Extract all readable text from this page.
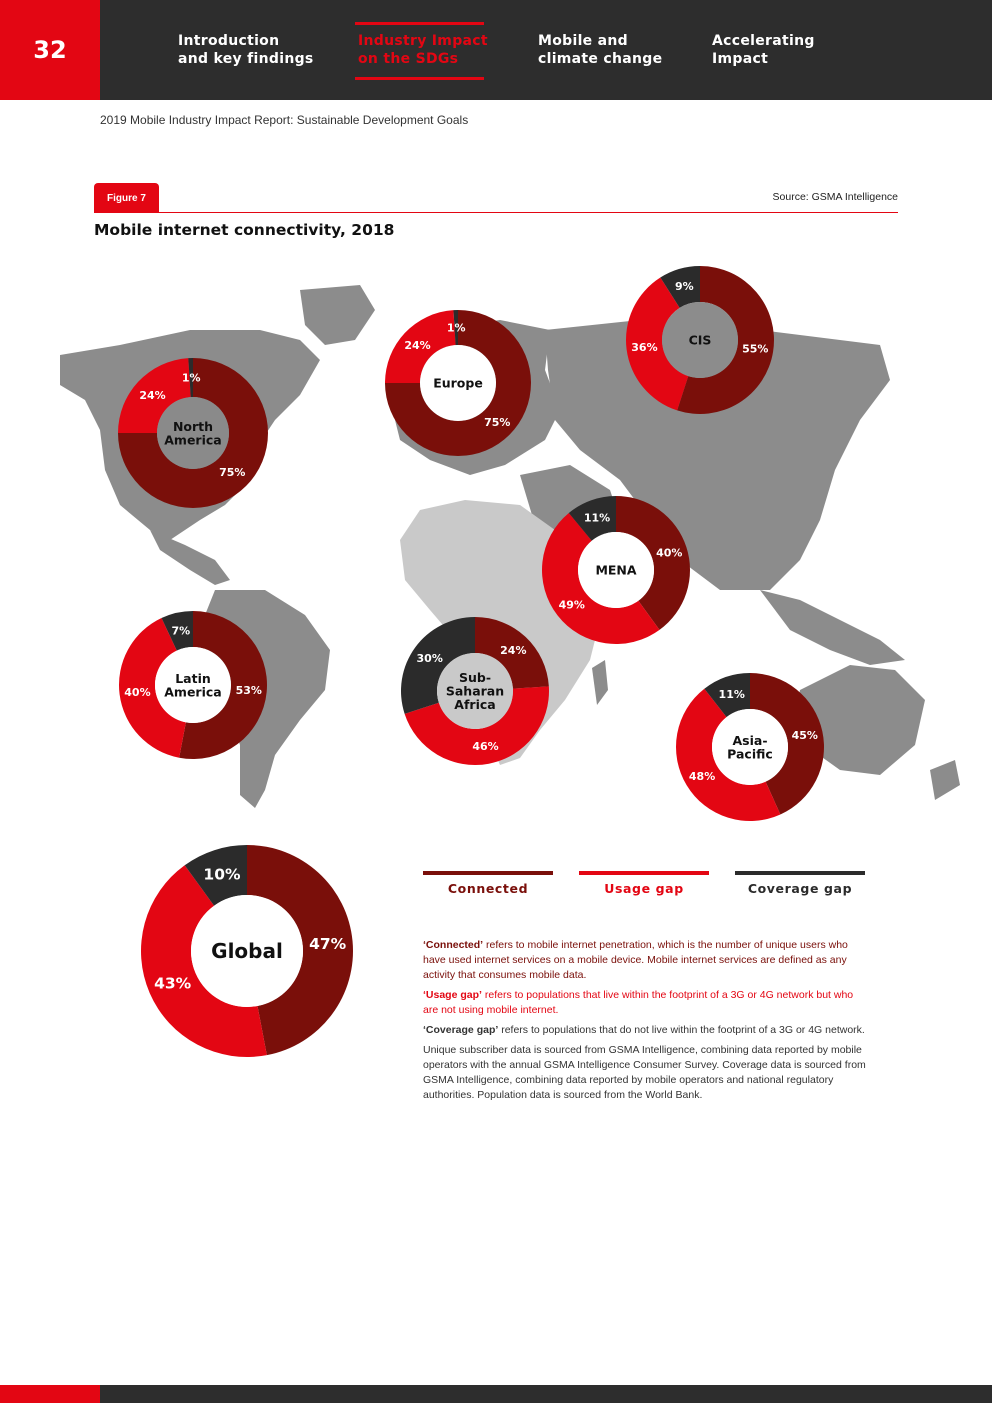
32	Introduction
and key findings
Industry Impact
on the SDGs
Mobile and
climate change
Accelerating
Impact
2019 Mobile Industry Impact Report: Sustainable Development Goals
Figure 7	Source: GSMA Intelligence
Mobile internet connectivity, 2018
75%
24%
1%
North America
75%
24%
1%
Europe
55%
36%
9%
CIS
40%
49%
11%
MENA
53%
40%
7%
Latin America
24%
46%
30%
Sub-Saharan Africa
45%
48%
11%
Asia-Pacific
47%
43%
10%
Global
Connected	Usage gap	Coverage gap

‘Connected’ refers to mobile internet penetration, which is the number of unique users who have used internet services on a mobile device. Mobile internet services are defined as any activity that consumes mobile data.

‘Usage gap’ refers to populations that live within the footprint of a 3G or 4G network but who are not using mobile internet.

‘Coverage gap’ refers to populations that do not live within the footprint of a 3G or 4G network.

Unique subscriber data is sourced from GSMA Intelligence, combining data reported by mobile operators with the annual GSMA Intelligence Consumer Survey. Coverage data is sourced from GSMA Intelligence, combining data reported by mobile operators and national regulatory authorities. Population data is sourced from the World Bank.
